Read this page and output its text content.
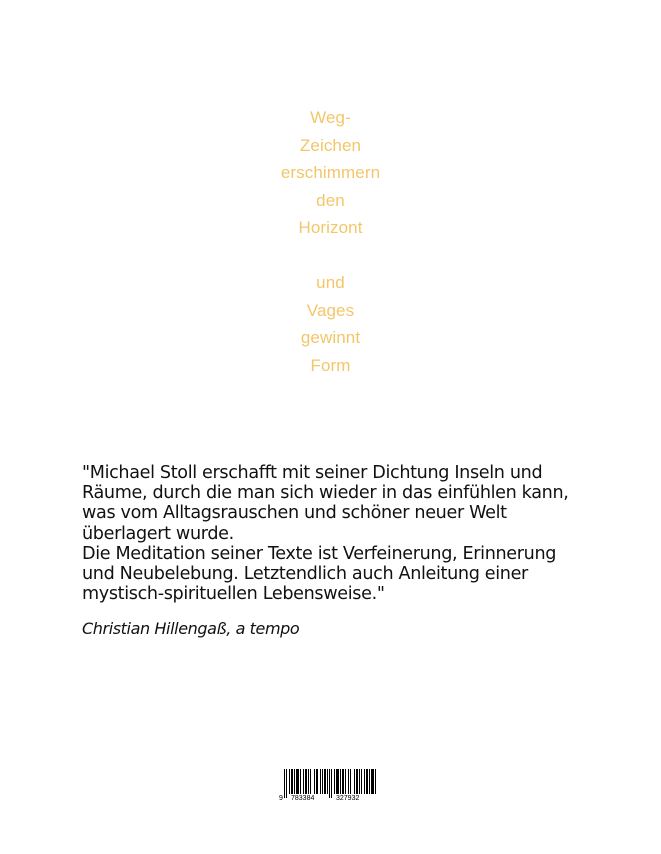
Weg-
Zeichen
erschimmern
den
Horizont
und
Vages
gewinnt
Form
"Michael Stoll erschafft mit seiner Dichtung Inseln und
Räume, durch die man sich wieder in das einfühlen kann,
was vom Alltagsrauschen und schöner neuer Welt
überlagert wurde.
Die Meditation seiner Texte ist Verfeinerung, Erinnerung
und Neubelebung. Letztendlich auch Anleitung einer
mystisch-spirituellen Lebensweise."
Christian Hillengaß, a tempo
9 783384	327932
